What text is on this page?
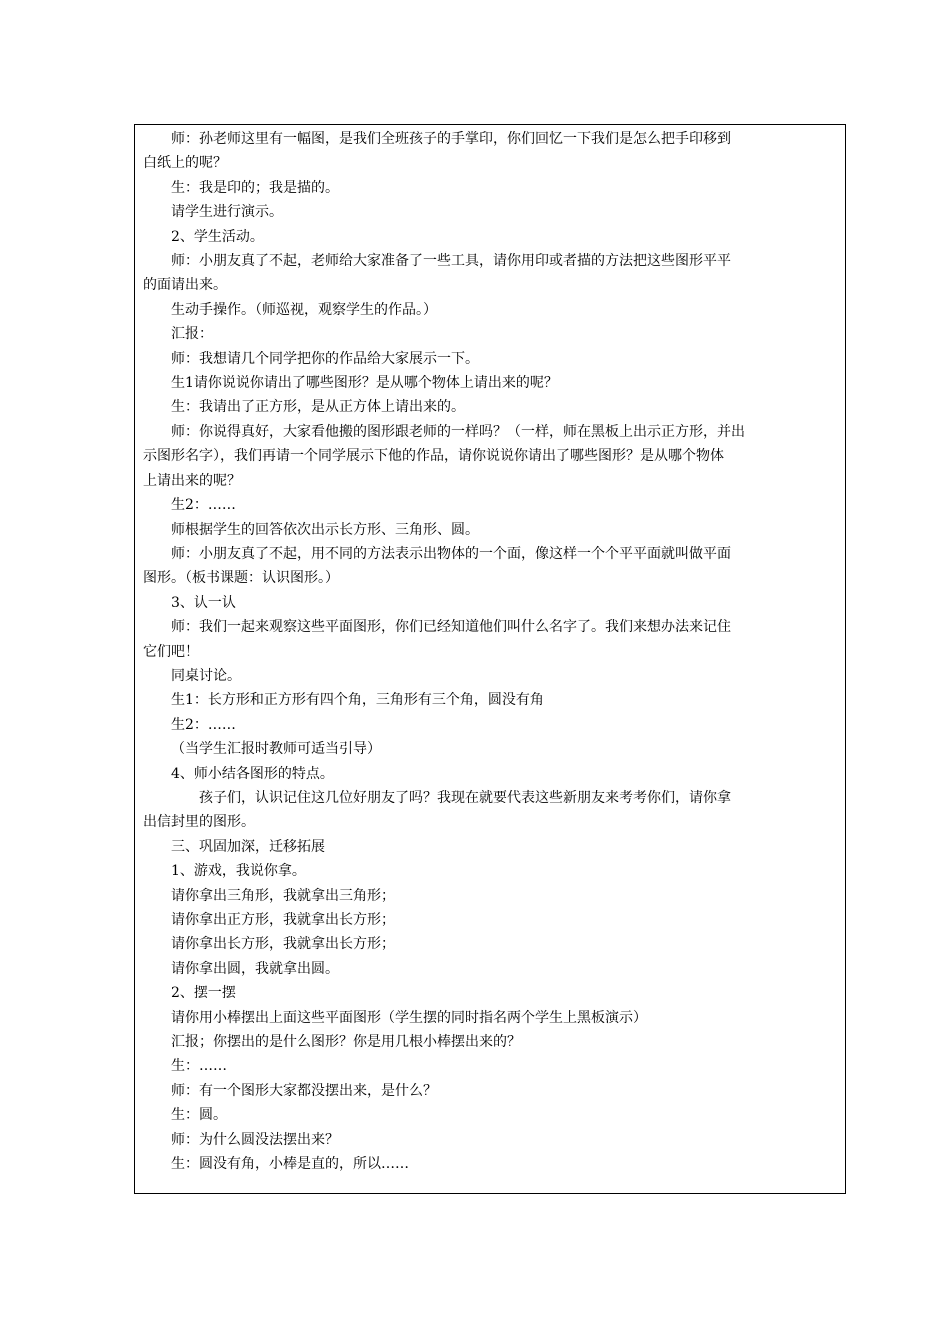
师：孙老师这里有一幅图，是我们全班孩子的手掌印，你们回忆一下我们是怎么把手印移到
白纸上的呢？
生：我是印的；我是描的。
请学生进行演示。
2、学生活动。
师：小朋友真了不起，老师给大家准备了一些工具，请你用印或者描的方法把这些图形平平
的面请出来。
生动手操作。（师巡视，观察学生的作品。）
汇报：
师：我想请几个同学把你的作品给大家展示一下。
生1请你说说你请出了哪些图形？是从哪个物体上请出来的呢？
生：我请出了正方形，是从正方体上请出来的。
师：你说得真好，大家看他搬的图形跟老师的一样吗？（一样，师在黑板上出示正方形，并出
示图形名字），我们再请一个同学展示下他的作品，请你说说你请出了哪些图形？是从哪个物体
上请出来的呢？
生2：……
师根据学生的回答依次出示长方形、三角形、圆。
师：小朋友真了不起，用不同的方法表示出物体的一个面，像这样一个个平平面就叫做平面
图形。（板书课题：认识图形。）
3、认一认
师：我们一起来观察这些平面图形，你们已经知道他们叫什么名字了。我们来想办法来记住
它们吧！
同桌讨论。
生1：长方形和正方形有四个角，三角形有三个角，圆没有角
生2：……
（当学生汇报时教师可适当引导）
4、师小结各图形的特点。
孩子们，认识记住这几位好朋友了吗？我现在就要代表这些新朋友来考考你们，请你拿
出信封里的图形。
三、巩固加深，迁移拓展
1、游戏，我说你拿。
请你拿出三角形，我就拿出三角形；
请你拿出正方形，我就拿出长方形；
请你拿出长方形，我就拿出长方形；
请你拿出圆，我就拿出圆。
2、摆一摆
请你用小棒摆出上面这些平面图形（学生摆的同时指名两个学生上黑板演示）
汇报；你摆出的是什么图形？你是用几根小棒摆出来的？
生：……
师：有一个图形大家都没摆出来，是什么？
生：圆。
师：为什么圆没法摆出来？
生：圆没有角，小棒是直的，所以……
